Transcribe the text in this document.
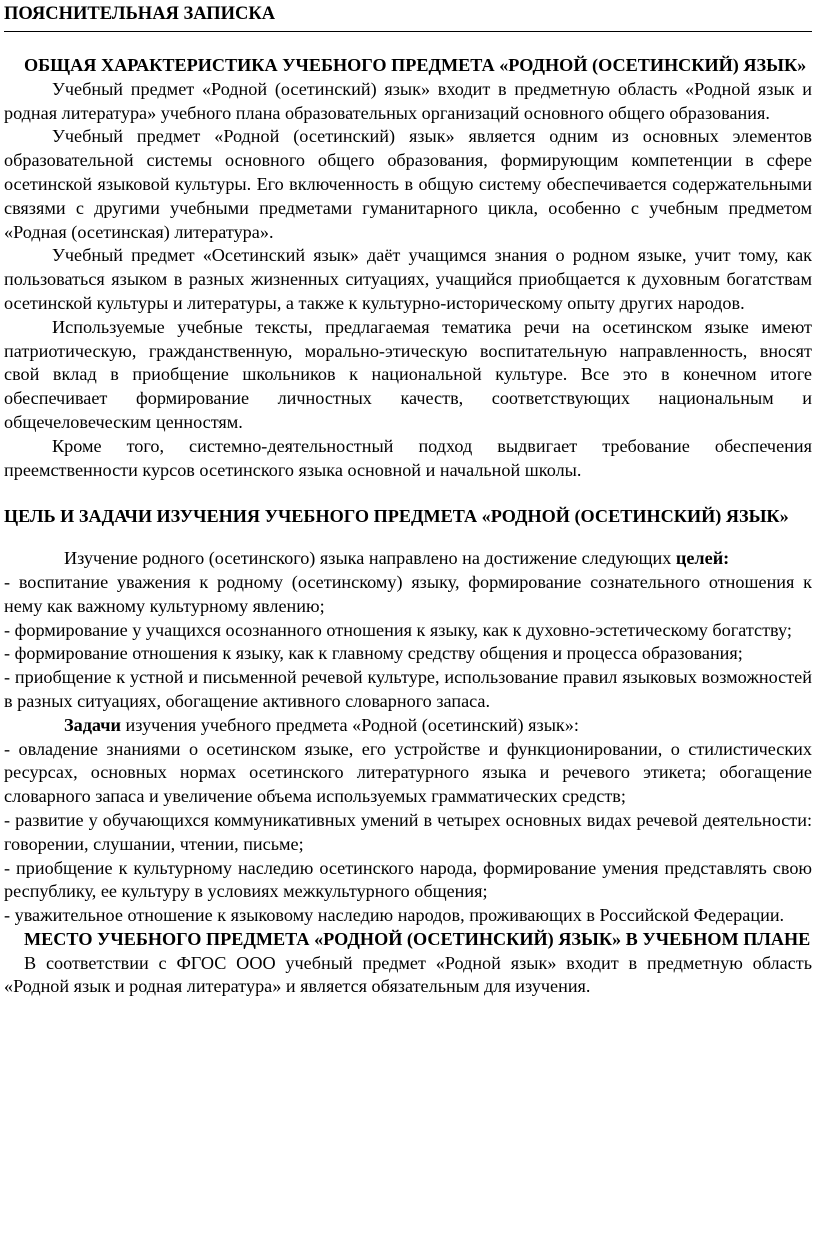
ПОЯСНИТЕЛЬНАЯ ЗАПИСКА

ОБЩАЯ ХАРАКТЕРИСТИКА УЧЕБНОГО ПРЕДМЕТА «РОДНОЙ (ОСЕТИНСКИЙ) ЯЗЫК»

Учебный предмет «Родной (осетинский) язык» входит в предметную область «Родной язык и родная литература» учебного плана образовательных организаций основного общего образования.

Учебный предмет «Родной (осетинский) язык» является одним из основных элементов образовательной системы основного общего образования, формирующим компетенции в сфере осетинской языковой культуры. Его включенность в общую систему обеспечивается содержательными связями с другими учебными предметами гуманитарного цикла, особенно с учебным предметом «Родная (осетинская) литература».

Учебный предмет «Осетинский язык» даёт учащимся знания о родном языке, учит тому, как пользоваться языком в разных жизненных ситуациях, учащийся приобщается к духовным богатствам осетинской культуры и литературы, а также к культурно-историческому опыту других народов.

Используемые учебные тексты, предлагаемая тематика речи на осетинском языке имеют патриотическую, гражданственную, морально-этическую воспитательную направленность, вносят свой вклад в приобщение школьников к национальной культуре. Все это в конечном итоге обеспечивает формирование личностных качеств, соответствующих национальным и общечеловеческим ценностям.

Кроме того, системно-деятельностный подход выдвигает требование обеспечения преемственности курсов осетинского языка основной и начальной школы.

ЦЕЛЬ И ЗАДАЧИ ИЗУЧЕНИЯ УЧЕБНОГО ПРЕДМЕТА «РОДНОЙ (ОСЕТИНСКИЙ) ЯЗЫК»

Изучение родного (осетинского) языка направлено на достижение следующих целей:

- воспитание уважения к родному (осетинскому) языку, формирование сознательного отношения к нему как важному культурному явлению;

- формирование у учащихся осознанного отношения к языку, как к духовно-эстетическому богатству;

- формирование отношения к языку, как к главному средству общения и процесса образования;

- приобщение к устной и письменной речевой культуре, использование правил языковых возможностей в разных ситуациях, обогащение активного словарного запаса.

Задачи изучения учебного предмета «Родной (осетинский) язык»:

- овладение знаниями о осетинском языке, его устройстве и функционировании, о стилистических ресурсах, основных нормах осетинского литературного языка и речевого этикета; обогащение словарного запаса и увеличение объема используемых грамматических средств;

- развитие у обучающихся коммуникативных умений в четырех основных видах речевой деятельности: говорении, слушании, чтении, письме;

- приобщение к культурному наследию осетинского народа, формирование умения представлять свою республику, ее культуру в условиях межкультурного общения;

- уважительное отношение к языковому наследию народов, проживающих в Российской Федерации.

МЕСТО УЧЕБНОГО ПРЕДМЕТА «РОДНОЙ (ОСЕТИНСКИЙ) ЯЗЫК» В УЧЕБНОМ ПЛАНЕ

В соответствии с ФГОС ООО учебный предмет «Родной язык» входит в предметную область «Родной язык и родная литература» и является обязательным для изучения.
